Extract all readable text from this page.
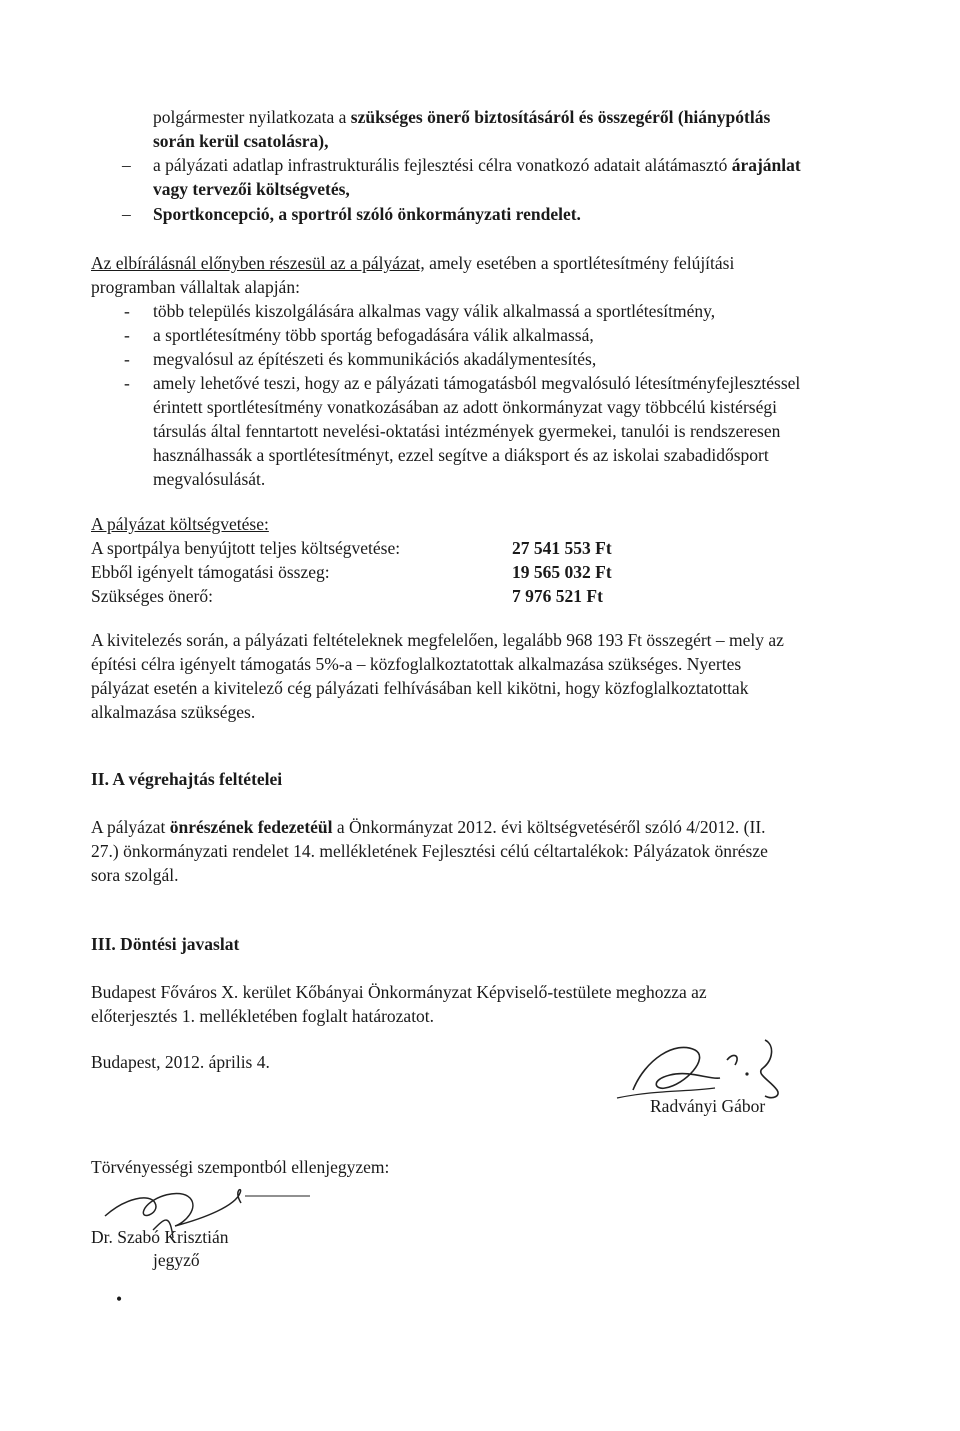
polgármester nyilatkozata a szükséges önerő biztosításáról és összegéről (hiánypótlás
során kerül csatolásra),
– a pályázati adatlap infrastrukturális fejlesztési célra vonatkozó adatait alátámasztó árajánlat
vagy tervezői költségvetés,
– Sportkoncepció, a sportról szóló önkormányzati rendelet.
Az elbírálásnál előnyben részesül az a pályázat, amely esetében a sportlétesítmény felújítási
programban vállaltak alapján:
- több település kiszolgálására alkalmas vagy válik alkalmassá a sportlétesítmény,
- a sportlétesítmény több sportág befogadására válik alkalmassá,
- megvalósul az építészeti és kommunikációs akadálymentesítés,
- amely lehetővé teszi, hogy az e pályázati támogatásból megvalósuló létesítményfejlesztéssel
érintett sportlétesítmény vonatkozásában az adott önkormányzat vagy többcélú kistérségi
társulás által fenntartott nevelési-oktatási intézmények gyermekei, tanulói is rendszeresen
használhassák a sportlétesítményt, ezzel segítve a diáksport és az iskolai szabadidősport
megvalósulását.
A pályázat költségvetése:
A sportpálya benyújtott teljes költségvetése:	27 541 553 Ft
Ebből igényelt támogatási összeg:	19 565 032 Ft
Szükséges önerő:	7 976 521 Ft
A kivitelezés során, a pályázati feltételeknek megfelelően, legalább 968 193 Ft összegért – mely az
építési célra igényelt támogatás 5%-a – közfoglalkoztatottak alkalmazása szükséges. Nyertes
pályázat esetén a kivitelező cég pályázati felhívásában kell kikötni, hogy közfoglalkoztatottak
alkalmazása szükséges.
II. A végrehajtás feltételei
A pályázat önrészének fedezetéül a Önkormányzat 2012. évi költségvetéséről szóló 4/2012. (II.
27.) önkormányzati rendelet 14. mellékletének Fejlesztési célú céltartalékok: Pályázatok önrésze
sora szolgál.
III. Döntési javaslat
Budapest Főváros X. kerület Kőbányai Önkormányzat Képviselő-testülete meghozza az
előterjesztés 1. mellékletében foglalt határozatot.
Budapest, 2012. április 4.
Radványi Gábor
Törvényességi szempontból ellenjegyzem:
Dr. Szabó Krisztián
jegyző
•
